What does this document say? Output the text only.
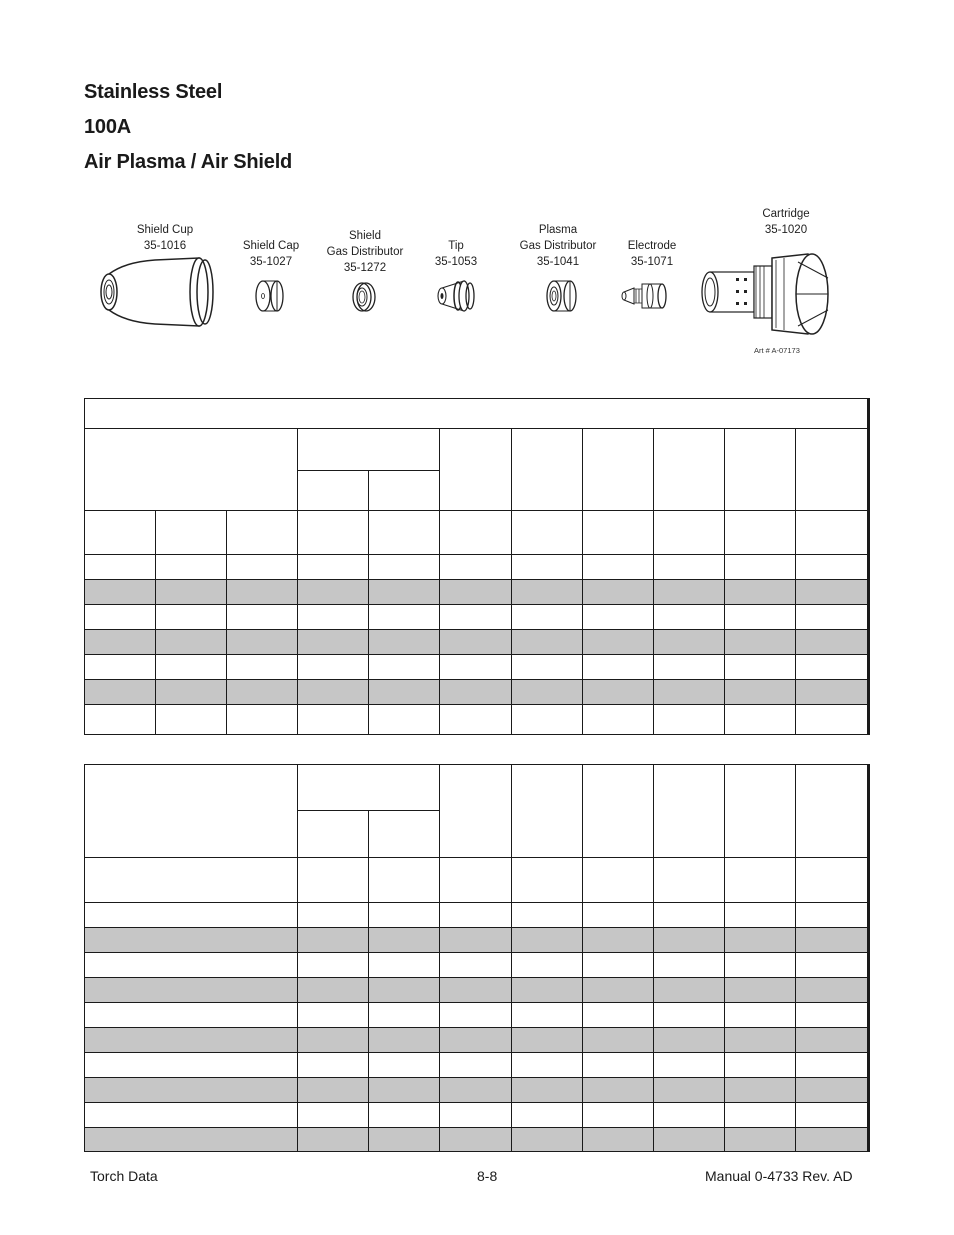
Stainless Steel
100A
Air Plasma / Air Shield
Shield Cup
35-1016	Shield Cap
35-1027
Shield
Gas Distributor
35-1272
Tip
35-1053
Plasma
Gas Distributor
35-1041
Electrode
35-1071
Cartridge
35-1020
Art # A-07173

Torch Data	8-8	Manual 0-4733 Rev. AD
